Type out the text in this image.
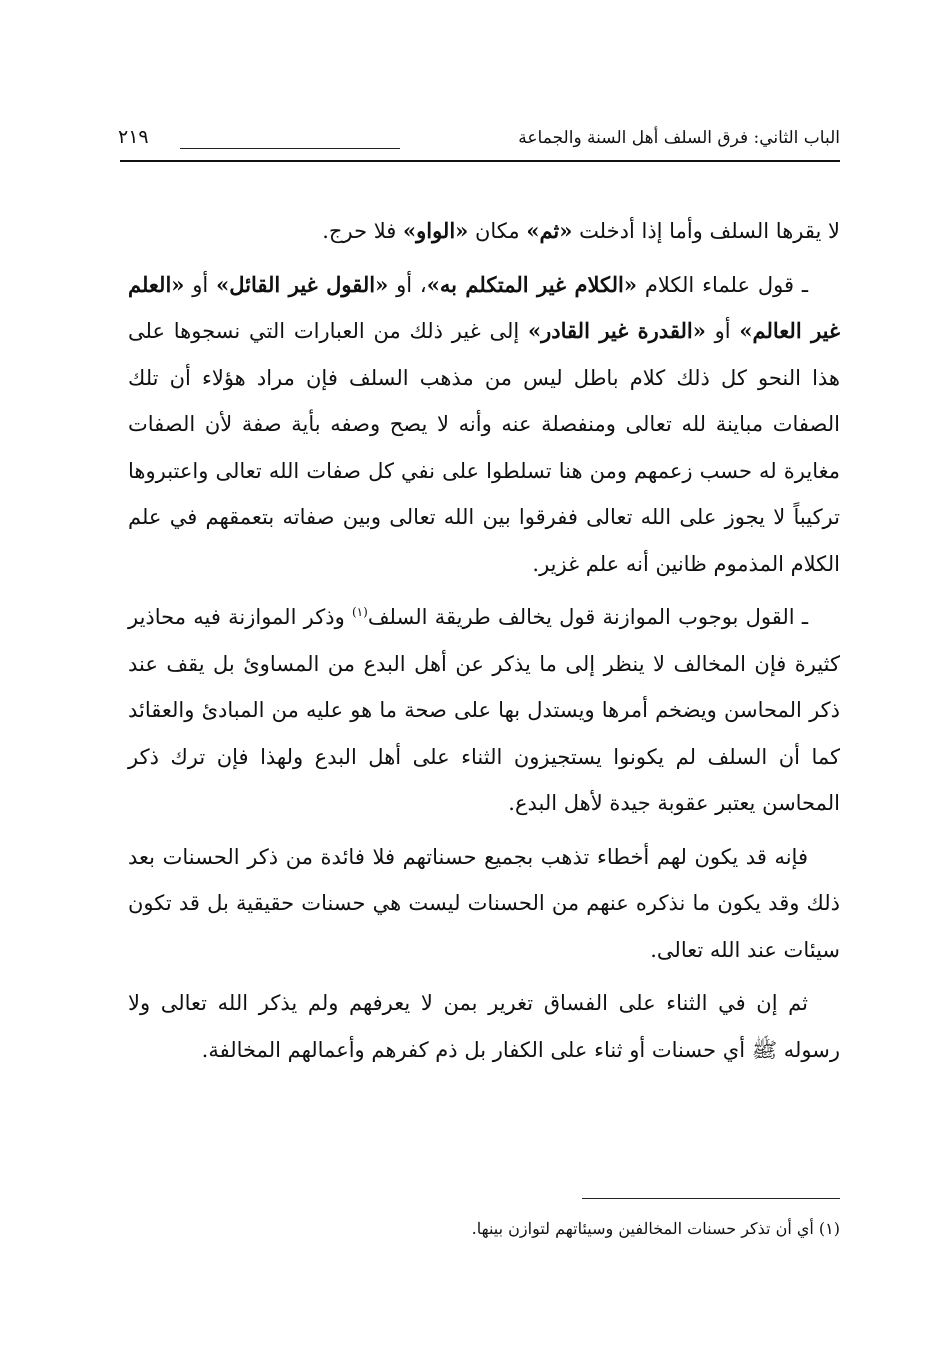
الباب الثاني: فرق السلف أهل السنة والجماعة
٢١٩

لا يقرها السلف وأما إذا أدخلت «ثم» مكان «الواو» فلا حرج.

ـ قول علماء الكلام «الكلام غير المتكلم به»، أو «القول غير القائل» أو «العلم غير العالم» أو «القدرة غير القادر» إلى غير ذلك من العبارات التي نسجوها على هذا النحو كل ذلك كلام باطل ليس من مذهب السلف فإن مراد هؤلاء أن تلك الصفات مباينة لله تعالى ومنفصلة عنه وأنه لا يصح وصفه بأية صفة لأن الصفات مغايرة له حسب زعمهم ومن هنا تسلطوا على نفي كل صفات الله تعالى واعتبروها تركيباً لا يجوز على الله تعالى ففرقوا بين الله تعالى وبين صفاته بتعمقهم في علم الكلام المذموم ظانين أنه علم غزير.

ـ القول بوجوب الموازنة قول يخالف طريقة السلف$^{(١)}$ وذكر الموازنة فيه محاذير كثيرة فإن المخالف لا ينظر إلى ما يذكر عن أهل البدع من المساوئ بل يقف عند ذكر المحاسن ويضخم أمرها ويستدل بها على صحة ما هو عليه من المبادئ والعقائد كما أن السلف لم يكونوا يستجيزون الثناء على أهل البدع ولهذا فإن ترك ذكر المحاسن يعتبر عقوبة جيدة لأهل البدع.

فإنه قد يكون لهم أخطاء تذهب بجميع حسناتهم فلا فائدة من ذكر الحسنات بعد ذلك وقد يكون ما نذكره عنهم من الحسنات ليست هي حسنات حقيقية بل قد تكون سيئات عند الله تعالى.

ثم إن في الثناء على الفساق تغرير بمن لا يعرفهم ولم يذكر الله تعالى ولا رسوله ﷺ أي حسنات أو ثناء على الكفار بل ذم كفرهم وأعمالهم المخالفة.

(١) أي أن تذكر حسنات المخالفين وسيئاتهم لتوازن بينها.
